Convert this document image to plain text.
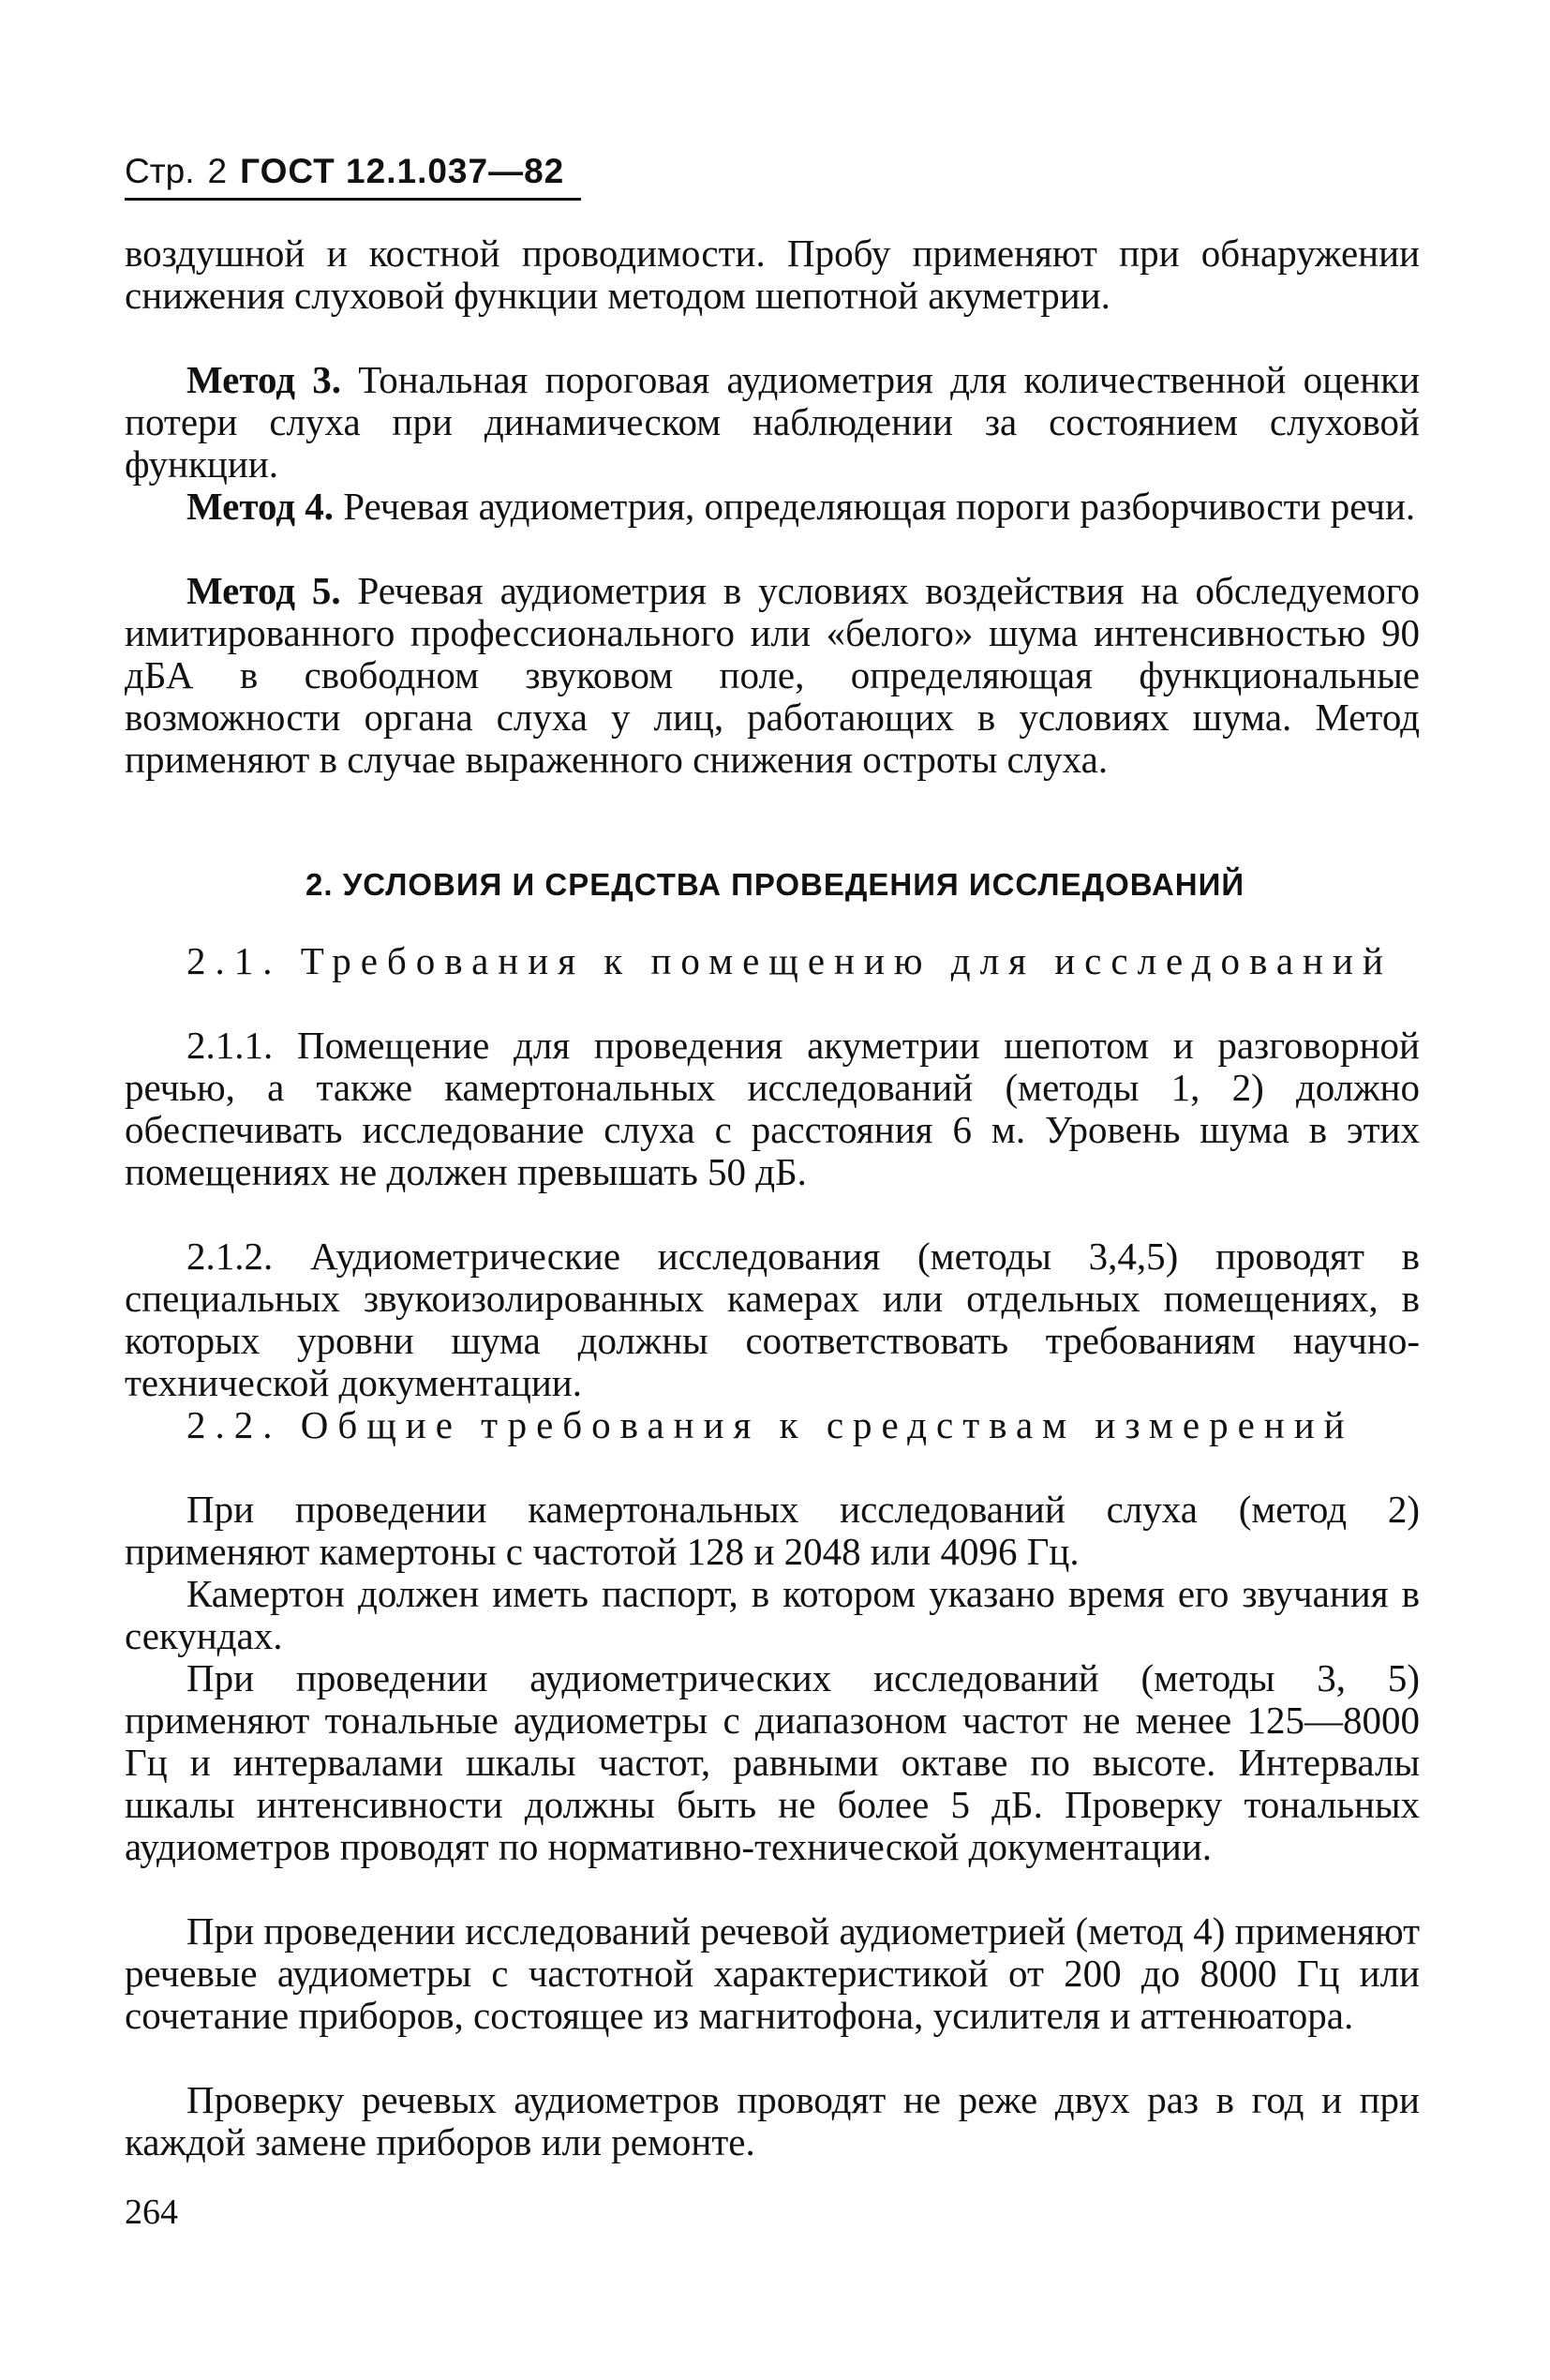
Стр. 2 ГОСТ 12.1.037—82

воздушной и костной проводимости. Пробу применяют при обнаружении снижения слуховой функции методом шепотной акуметрии.

Метод 3. Тональная пороговая аудиометрия для количественной оценки потери слуха при динамическом наблюдении за состоянием слуховой функции.

Метод 4. Речевая аудиометрия, определяющая пороги разборчивости речи.

Метод 5. Речевая аудиометрия в условиях воздействия на обследуемого имитированного профессионального или «белого» шума интенсивностью 90 дБА в свободном звуковом поле, определяющая функциональные возможности органа слуха у лиц, работающих в условиях шума. Метод применяют в случае выраженного снижения остроты слуха.

2. УСЛОВИЯ И СРЕДСТВА ПРОВЕДЕНИЯ ИССЛЕДОВАНИЙ

2.1. Требования к помещению для исследований

2.1.1. Помещение для проведения акуметрии шепотом и разговорной речью, а также камертональных исследований (методы 1, 2) должно обеспечивать исследование слуха с расстояния 6 м. Уровень шума в этих помещениях не должен превышать 50 дБ.

2.1.2. Аудиометрические исследования (методы 3,4,5) проводят в специальных звукоизолированных камерах или отдельных помещениях, в которых уровни шума должны соответствовать требованиям научно-технической документации.

2.2. Общие требования к средствам измерений

При проведении камертональных исследований слуха (метод 2) применяют камертоны с частотой 128 и 2048 или 4096 Гц.

Камертон должен иметь паспорт, в котором указано время его звучания в секундах.

При проведении аудиометрических исследований (методы 3, 5) применяют тональные аудиометры с диапазоном частот не менее 125—8000 Гц и интервалами шкалы частот, равными октаве по высоте. Интервалы шкалы интенсивности должны быть не более 5 дБ. Проверку тональных аудиометров проводят по нормативно-технической документации.

При проведении исследований речевой аудиометрией (метод 4) применяют речевые аудиометры с частотной характеристикой от 200 до 8000 Гц или сочетание приборов, состоящее из магнитофона, усилителя и аттенюатора.

Проверку речевых аудиометров проводят не реже двух раз в год и при каждой замене приборов или ремонте.

264
